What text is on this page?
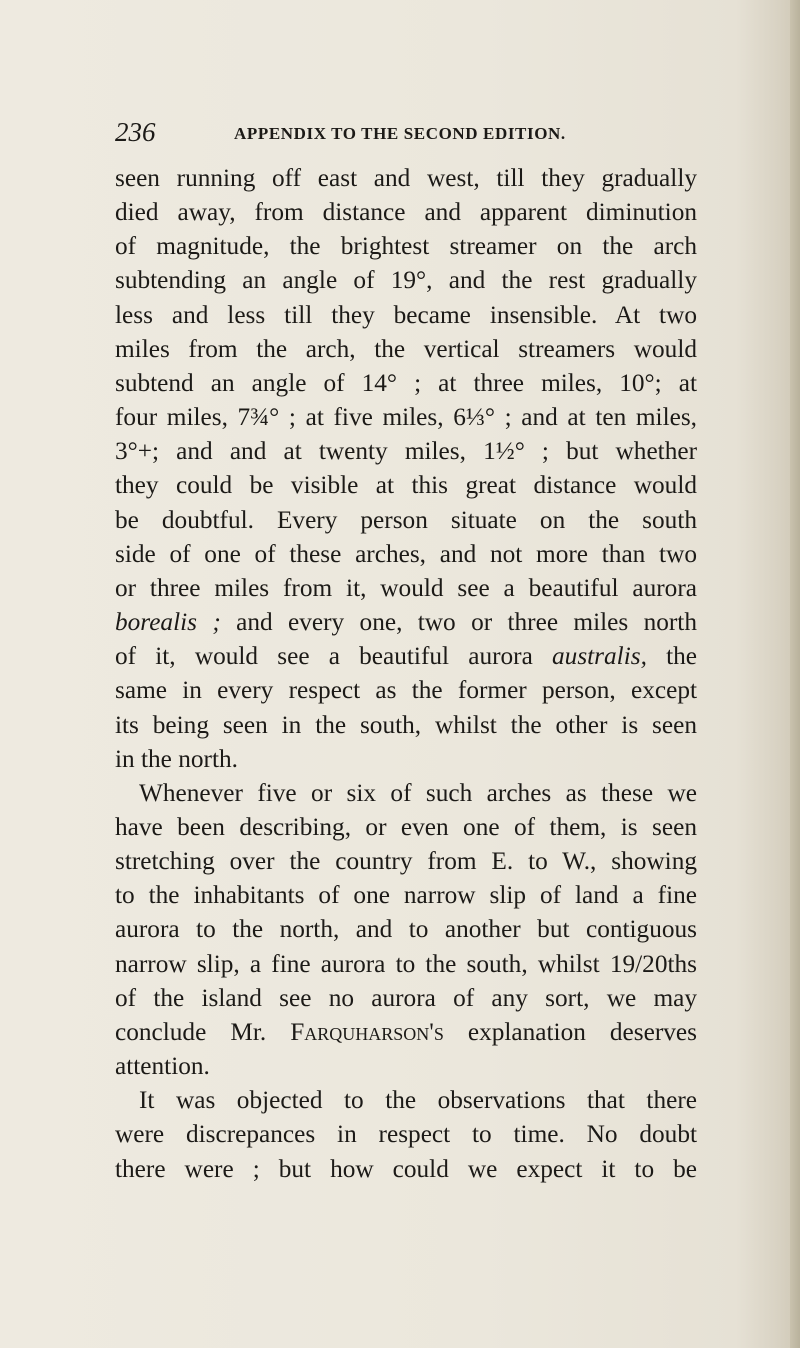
236	APPENDIX TO THE SECOND EDITION.
seen running off east and west, till they gradually
died away, from distance and apparent diminution
of magnitude, the brightest streamer on the arch
subtending an angle of 19°, and the rest gradually
less and less till they became insensible. At two
miles from the arch, the vertical streamers would
subtend an angle of 14° ; at three miles, 10°; at
four miles, 7¾° ; at five miles, 6⅓° ; and at ten miles,
3°+; and and at twenty miles, 1½° ; but whether
they could be visible at this great distance would
be doubtful. Every person situate on the south
side of one of these arches, and not more than two
or three miles from it, would see a beautiful aurora
borealis ; and every one, two or three miles north
of it, would see a beautiful aurora australis, the
same in every respect as the former person, except
its being seen in the south, whilst the other is seen
in the north.
Whenever five or six of such arches as these we
have been describing, or even one of them, is seen
stretching over the country from E. to W., showing
to the inhabitants of one narrow slip of land a fine
aurora to the north, and to another but contiguous
narrow slip, a fine aurora to the south, whilst 19/20ths
of the island see no aurora of any sort, we may
conclude Mr. Farquharson's explanation deserves
attention.
It was objected to the observations that there
were discrepances in respect to time. No doubt
there were ; but how could we expect it to be
